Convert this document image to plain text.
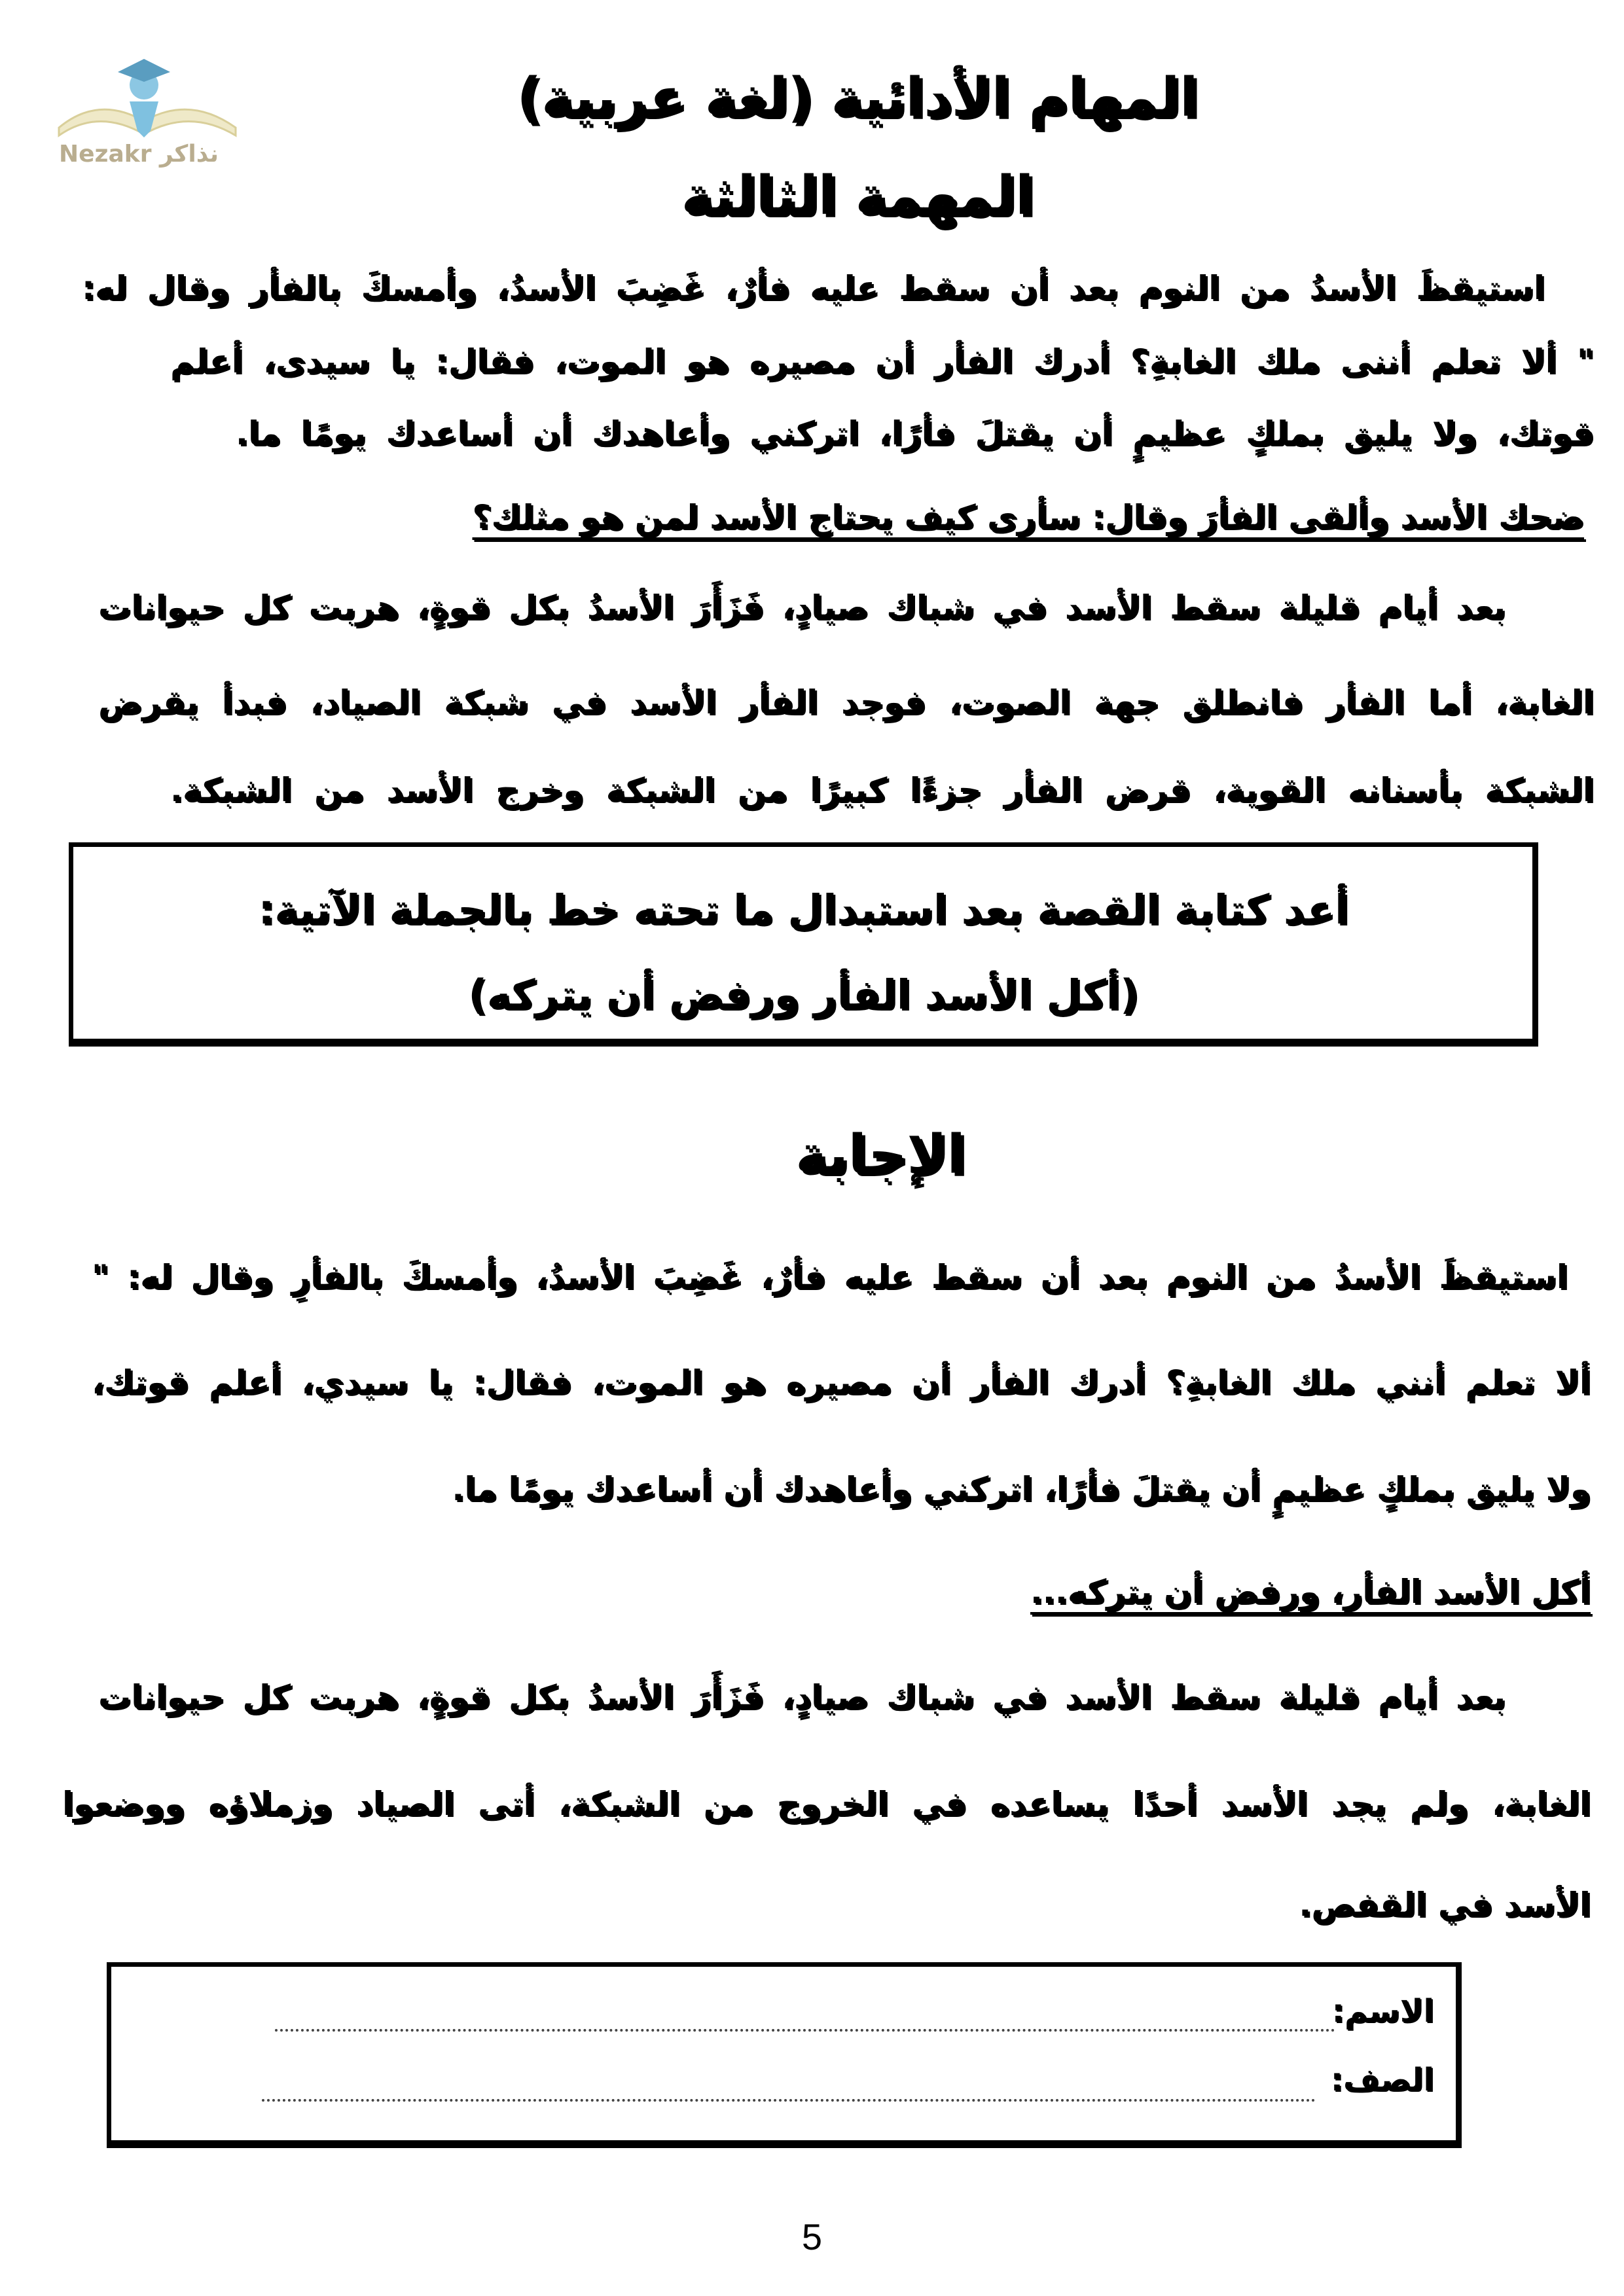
Nezakr نذاكر
المهام الأدائية (لغة عربية)
المهمة الثالثة
استيقظَ الأسدُ من النوم بعد أن سقط عليه فأرٌ، غَضِبَ الأسدُ، وأمسكَ بالفأر وقال له:
" ألا تعلم أننى ملك الغابةِ؟ أدرك الفأر أن مصيره هو الموت، فقال: يا سيدى، أعلم
قوتك، ولا يليق بملكٍ عظيمٍ أن يقتلَ فأرًا، اتركني وأعاهدك أن أساعدك يومًا ما.
ضحك الأسد وألقى الفأرَ وقال: سأرى كيف يحتاج الأسد لمن هو مثلك؟
بعد أيام قليلة سقط الأسد في شباك صيادٍ، فَزَأَرَ الأسدُ بكل قوةٍ، هربت كل حيوانات
الغابة، أما الفأر فانطلق جهة الصوت، فوجد الفأر الأسد في شبكة الصياد، فبدأ يقرض
الشبكة بأسنانه القوية، قرض الفأر جزءًا كبيرًا من الشبكة وخرج الأسد من الشبكة.
أعد كتابة القصة بعد استبدال ما تحته خط بالجملة الآتية:
(أكل الأسد الفأر ورفض أن يتركه)
الإجابة
استيقظَ الأسدُ من النوم بعد أن سقط عليه فأرٌ، غَضِبَ الأسدُ، وأمسكَ بالفأرِ وقال له: "
ألا تعلم أنني ملك الغابةِ؟ أدرك الفأر أن مصيره هو الموت، فقال: يا سيدي، أعلم قوتك،
ولا يليق بملكٍ عظيمٍ أن يقتلَ فأرًا، اتركني وأعاهدك أن أساعدك يومًا ما.
أكل الأسد الفأر، ورفض أن يتركه...
بعد أيام قليلة سقط الأسد في شباك صيادٍ، فَزَأَرَ الأسدُ بكل قوةٍ، هربت كل حيوانات
الغابة، ولم يجد الأسد أحدًا يساعده في الخروج من الشبكة، أتى الصياد وزملاؤه ووضعوا
الأسد في القفص.
الاسم:
الصف:
5
